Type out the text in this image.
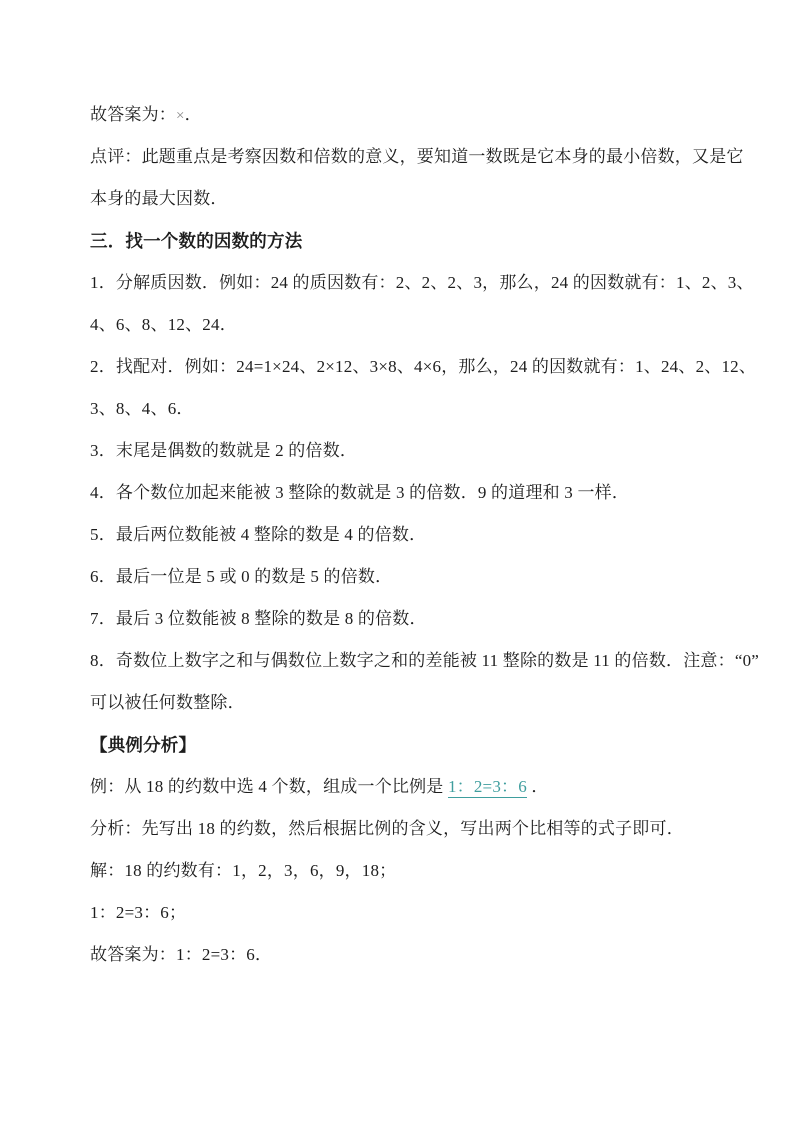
故答案为：×．
点评：此题重点是考察因数和倍数的意义，要知道一数既是它本身的最小倍数，又是它
本身的最大因数．
三．找一个数的因数的方法
1．分解质因数．例如：24 的质因数有：2、2、2、3，那么，24 的因数就有：1、2、3、
4、6、8、12、24．
2．找配对．例如：24=1×24、2×12、3×8、4×6，那么，24 的因数就有：1、24、2、12、
3、8、4、6．
3．末尾是偶数的数就是 2 的倍数．
4．各个数位加起来能被 3 整除的数就是 3 的倍数．9 的道理和 3 一样．
5．最后两位数能被 4 整除的数是 4 的倍数．
6．最后一位是 5 或 0 的数是 5 的倍数．
7．最后 3 位数能被 8 整除的数是 8 的倍数．
8．奇数位上数字之和与偶数位上数字之和的差能被 11 整除的数是 11 的倍数．注意：“0”
可以被任何数整除．
【典例分析】
例：从 18 的约数中选 4 个数，组成一个比例是 1：2=3：6 ．
分析：先写出 18 的约数，然后根据比例的含义，写出两个比相等的式子即可．
解：18 的约数有：1，2，3，6，9，18；
1：2=3：6；
故答案为：1：2=3：6．
